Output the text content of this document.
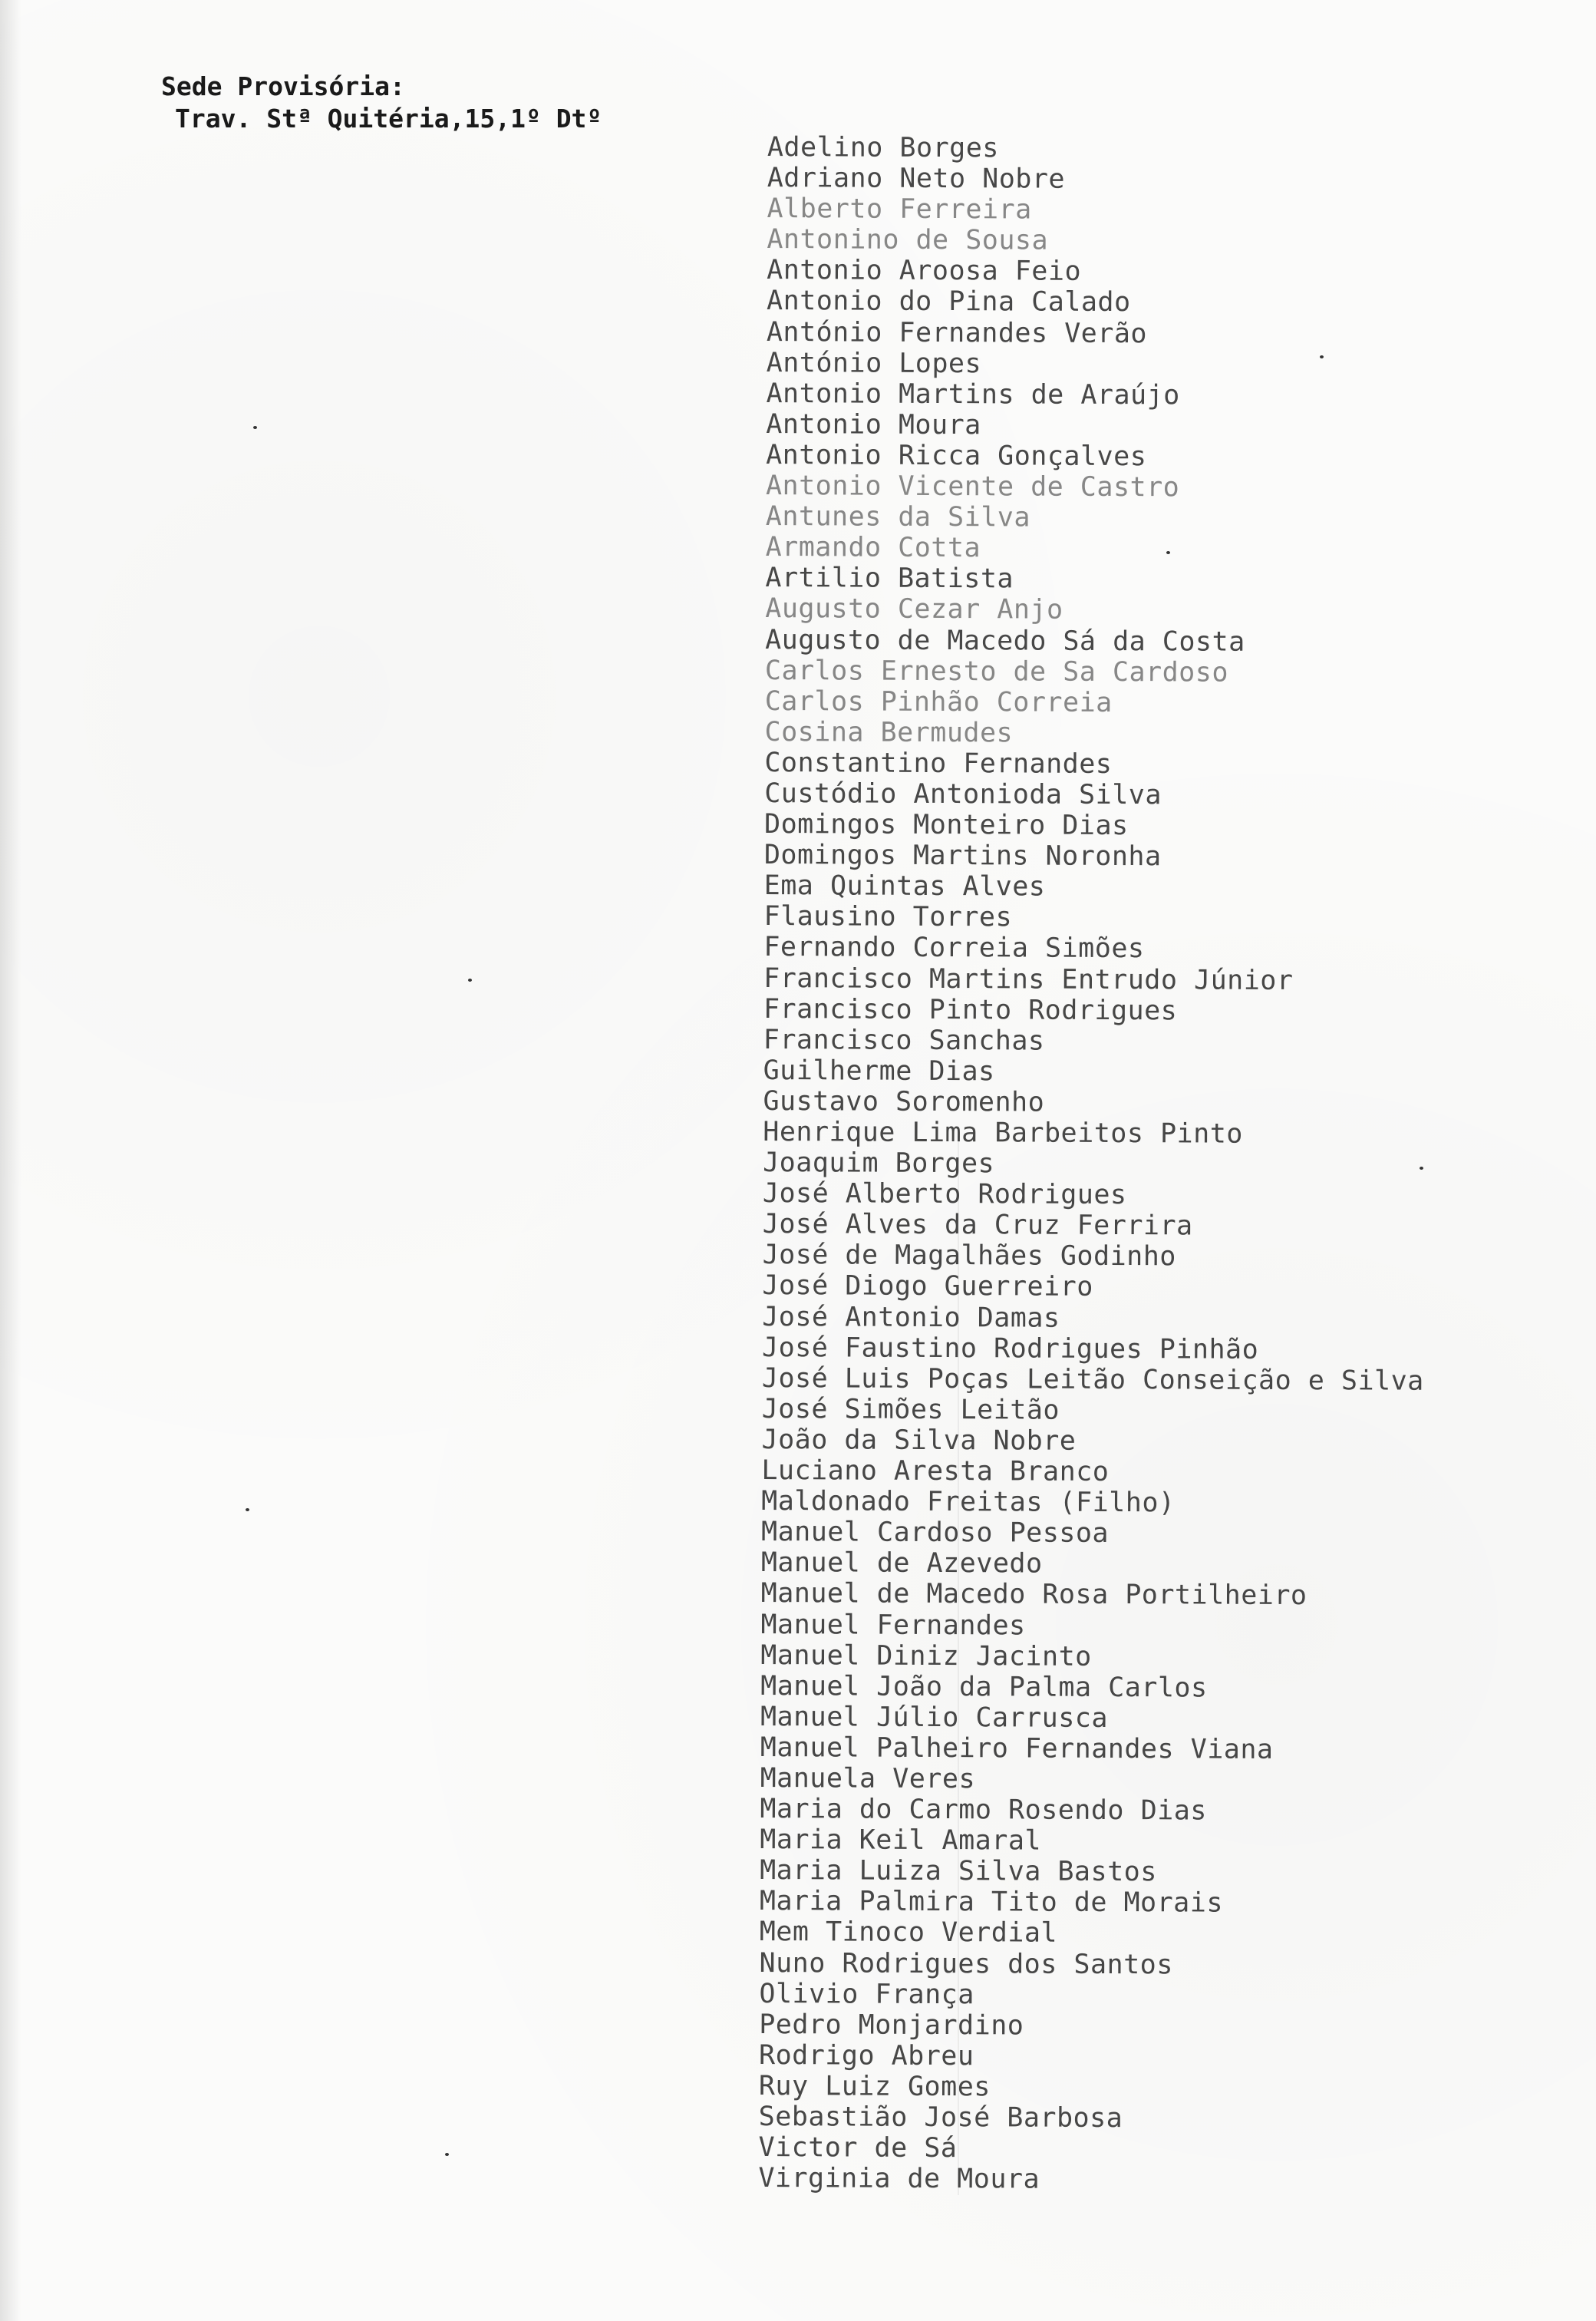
Sede Provisória:
Trav. Stª Quitéria,15,1º Dtº
Adelino Borges
Adriano Neto Nobre
Alberto Ferreira
Antonino de Sousa
Antonio Aroosa Feio
Antonio do Pina Calado
António Fernandes Verão
António Lopes
Antonio Martins de Araújo
Antonio Moura
Antonio Ricca Gonçalves
Antonio Vicente de Castro
Antunes da Silva
Armando Cotta
Artilio Batista
Augusto Cezar Anjo
Augusto de Macedo Sá da Costa
Carlos Ernesto de Sa Cardoso
Carlos Pinhão Correia
Cosina Bermudes
Constantino Fernandes
Custódio Antonioda Silva
Domingos Monteiro Dias
Domingos Martins Noronha
Ema Quintas Alves
Flausino Torres
Fernando Correia Simões
Francisco Martins Entrudo Júnior
Francisco Pinto Rodrigues
Francisco Sanchas
Guilherme Dias
Gustavo Soromenho
Henrique Lima Barbeitos Pinto
Joaquim Borges
José Alberto Rodrigues
José Alves da Cruz Ferrira
José de Magalhães Godinho
José Diogo Guerreiro
José Antonio Damas
José Faustino Rodrigues Pinhão
José Luis Poças Leitão Conseição e Silva
José Simões Leitão
João da Silva Nobre
Luciano Aresta Branco
Maldonado Freitas (Filho)
Manuel Cardoso Pessoa
Manuel de Azevedo
Manuel de Macedo Rosa Portilheiro
Manuel Fernandes
Manuel Diniz Jacinto
Manuel João da Palma Carlos
Manuel Júlio Carrusca
Manuel Palheiro Fernandes Viana
Manuela Veres
Maria do Carmo Rosendo Dias
Maria Keil Amaral
Maria Luiza Silva Bastos
Maria Palmira Tito de Morais
Mem Tinoco Verdial
Nuno Rodrigues dos Santos
Olivio França
Pedro Monjardino
Rodrigo Abreu
Ruy Luiz Gomes
Sebastião José Barbosa
Victor de Sá
Virginia de Moura
